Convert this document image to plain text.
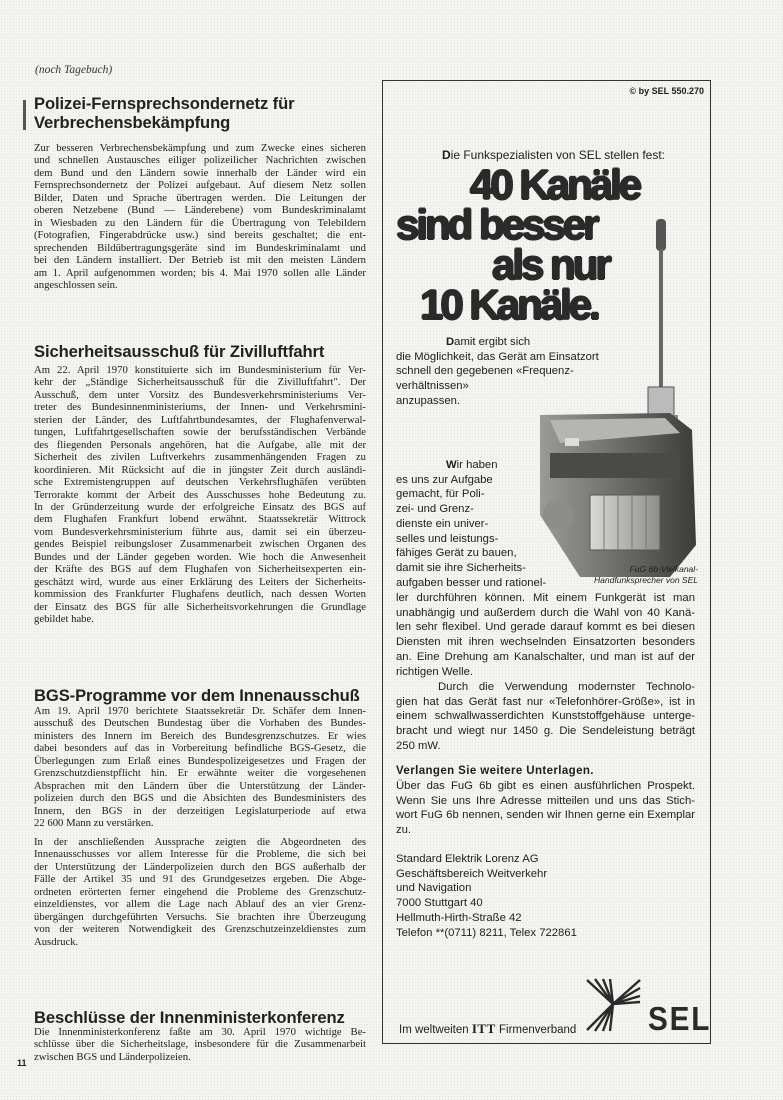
(noch Tagebuch)
Polizei-Fernsprechsondernetz für
Verbrechensbekämpfung
Zur besseren Verbrechensbekämpfung und zum Zwecke eines sicheren
und schnellen Austausches eiliger polizeilicher Nachrichten zwischen
dem Bund und den Ländern sowie innerhalb der Länder wird ein
Fernsprechsondernetz der Polizei aufgebaut. Auf diesem Netz sollen
Bilder, Daten und Sprache übertragen werden. Die Leitungen der
oberen Netzebene (Bund — Länderebene) vom Bundeskriminalamt
in Wiesbaden zu den Ländern für die Übertragung von Telebildern
(Fotografien, Fingerabdrücke usw.) sind bereits geschaltet; die ent-
sprechenden Bildübertragungsgeräte sind im Bundeskriminalamt und
bei den Ländern installiert. Der Betrieb ist mit den meisten Ländern
am 1. April aufgenommen worden; bis 4. Mai 1970 sollen alle Länder
angeschlossen sein.
Sicherheitsausschuß für Zivilluftfahrt
Am 22. April 1970 konstituierte sich im Bundesministerium für Ver-
kehr der „Ständige Sicherheitsausschuß für die Zivilluftfahrt". Der
Ausschuß, dem unter Vorsitz des Bundesverkehrsministeriums Ver-
treter des Bundesinnenministeriums, der Innen- und Verkehrsmini-
sterien der Länder, des Luftfahrtbundesamtes, der Flughafenverwal-
tungen, Luftfahrtgesellschaften sowie der berufsständischen Verbände
des fliegenden Personals angehören, hat die Aufgabe, alle mit der
Sicherheit des zivilen Luftverkehrs zusammenhängenden Fragen zu
koordinieren. Mit Rücksicht auf die in jüngster Zeit durch ausländi-
sche Extremistengruppen auf deutschen Verkehrsflughäfen verübten
Terrorakte kommt der Arbeit des Ausschusses hohe Bedeutung zu.
In der Gründerzeitung wurde der erfolgreiche Einsatz des BGS auf
dem Flughafen Frankfurt lobend erwähnt. Staatssekretär Wittrock
vom Bundesverkehrsministerium führte aus, damit sei ein überzeu-
gendes Beispiel reibungsloser Zusammenarbeit zwischen Organen des
Bundes und der Länder gegeben worden. Wie hoch die Anwesenheit
der Kräfte des BGS auf dem Flughafen von Sicherheitsexperten ein-
geschätzt wird, wurde aus einer Erklärung des Leiters der Sicherheits-
kommission des Frankfurter Flughafens deutlich, nach dessen Worten
der Einsatz des BGS für alle Sicherheitsvorkehrungen die Grundlage
gebildet habe.
BGS-Programme vor dem Innenausschuß
Am 19. April 1970 berichtete Staatssekretär Dr. Schäfer dem Innen-
ausschuß des Deutschen Bundestag über die Vorhaben des Bundes-
ministers des Innern im Bereich des Bundesgrenzschutzes. Er wies
dabei besonders auf das in Vorbereitung befindliche BGS-Gesetz, die
Überlegungen zum Erlaß eines Bundespolizeigesetzes und Fragen der
Grenzschutzdienstpflicht hin. Er erwähnte weiter die vorgesehenen
Absprachen mit den Ländern über die Unterstützung der Länder-
polizeien durch den BGS und die Absichten des Bundesministers des
Innern, den BGS in der derzeitigen Legislaturperiode auf etwa
22 600 Mann zu verstärken.
In der anschließenden Aussprache zeigten die Abgeordneten des
Innenausschusses vor allem Interesse für die Probleme, die sich bei
der Unterstützung der Länderpolizeien durch den BGS außerhalb der
Fälle der Artikel 35 und 91 des Grundgesetzes ergeben. Die Abge-
ordneten erörterten ferner eingehend die Probleme des Grenzschutz-
einzeldienstes, vor allem die Lage nach Ablauf des an vier Grenz-
übergängen durchgeführten Versuchs. Sie brachten ihre Überzeugung
von der weiteren Notwendigkeit des Grenzschutzeinzeldienstes zum
Ausdruck.
Beschlüsse der Innenministerkonferenz
Die Innenministerkonferenz faßte am 30. April 1970 wichtige Be-
schlüsse über die Sicherheitslage, insbesondere für die Zusammenarbeit
zwischen BGS und Länderpolizeien.
11
© by SEL 550.270
Die Funkspezialisten von SEL stellen fest:
40 Kanäle
sind besser
als nur
10 Kanäle.
Damit ergibt sich
die Möglichkeit, das Gerät am Einsatzort
schnell den gegebenen «Frequenz-
verhältnissen»
anzupassen.
FuG 6b-Vielkanal-
Handfunksprecher von SEL
Wir haben
es uns zur Aufgabe
gemacht, für Poli-
zei- und Grenz-
dienste ein univer-
selles und leistungs-
fähiges Gerät zu bauen,
damit sie ihre Sicherheits-
aufgaben besser und rationel-
ler durchführen können. Mit einem Funkgerät ist man
unabhängig und außerdem durch die Wahl von 40 Kanä-
len sehr flexibel. Und gerade darauf kommt es bei diesen
Diensten mit ihren wechselnden Einsatzorten besonders
an. Eine Drehung am Kanalschalter, und man ist auf der
richtigen Welle.
Durch die Verwendung modernster Technolo-
gien hat das Gerät fast nur «Telefonhörer-Größe», ist in
einem schwallwasserdichten Kunststoffgehäuse unterge-
bracht und wiegt nur 1450 g. Die Sendeleistung beträgt
250 mW.
Verlangen Sie weitere Unterlagen.
Über das FuG 6b gibt es einen ausführlichen Prospekt.
Wenn Sie uns Ihre Adresse mitteilen und uns das Stich-
wort FuG 6b nennen, senden wir Ihnen gerne ein Exemplar
zu.
Standard Elektrik Lorenz AG
Geschäftsbereich Weitverkehr
und Navigation
7000 Stuttgart 40
Hellmuth-Hirth-Straße 42
Telefon **(0711) 8211, Telex 722861
Im weltweiten ITT Firmenverband SEL
